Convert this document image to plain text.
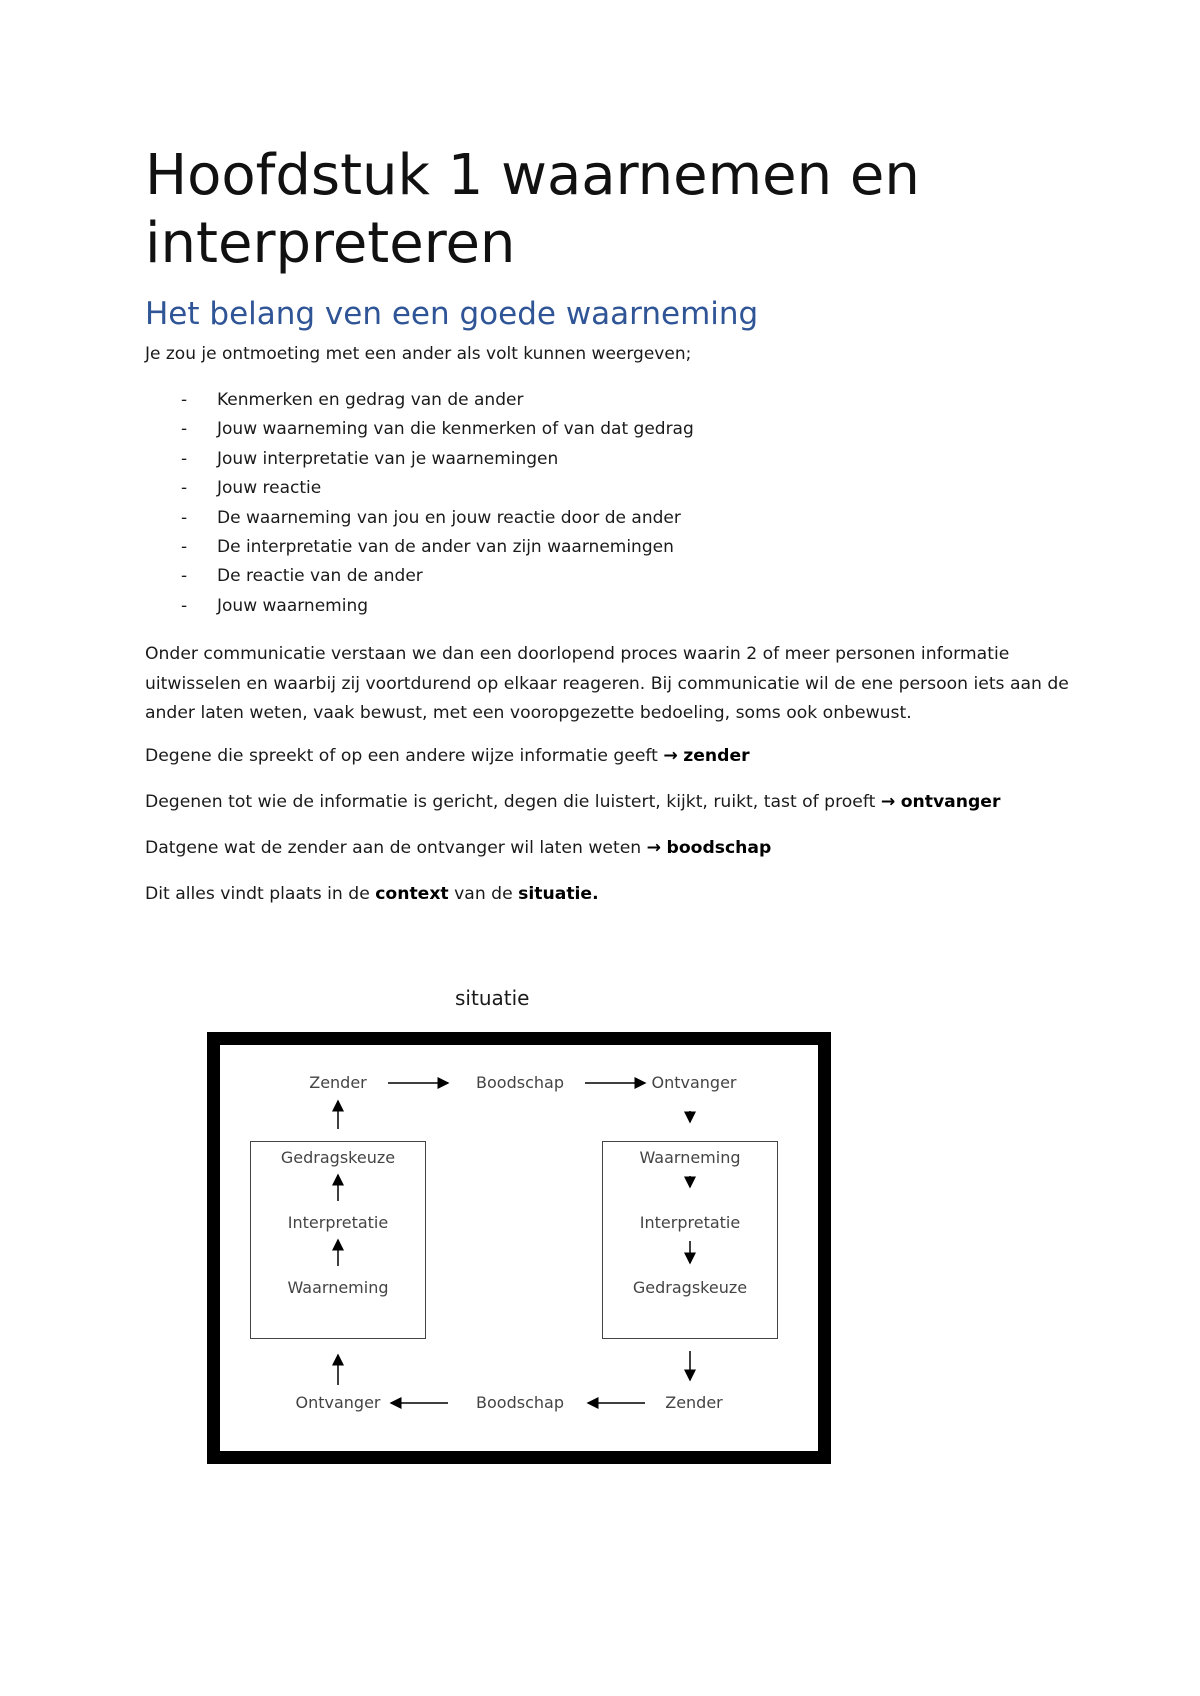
Hoofdstuk 1 waarnemen en interpreteren
Het belang ven een goede waarneming

Je zou je ontmoeting met een ander als volt kunnen weergeven;

- Kenmerken en gedrag van de ander
- Jouw waarneming van die kenmerken of van dat gedrag
- Jouw interpretatie van je waarnemingen
- Jouw reactie
- De waarneming van jou en jouw reactie door de ander
- De interpretatie van de ander van zijn waarnemingen
- De reactie van de ander
- Jouw waarneming

Onder communicatie verstaan we dan een doorlopend proces waarin 2 of meer personen informatie uitwisselen en waarbij zij voortdurend op elkaar reageren. Bij communicatie wil de ene persoon iets aan de ander laten weten, vaak bewust, met een vooropgezette bedoeling, soms ook onbewust.

Degene die spreekt of op een andere wijze informatie geeft → zender

Degenen tot wie de informatie is gericht, degen die luistert, kijkt, ruikt, tast of proeft → ontvanger

Datgene wat de zender aan de ontvanger wil laten weten → boodschap

Dit alles vindt plaats in de context van de situatie.

situatie

Zender	Boodschap	Ontvanger
Gedragskeuze
Interpretatie
Waarneming
Waarneming
Interpretatie
Gedragskeuze
Ontvanger	Boodschap	Zender
